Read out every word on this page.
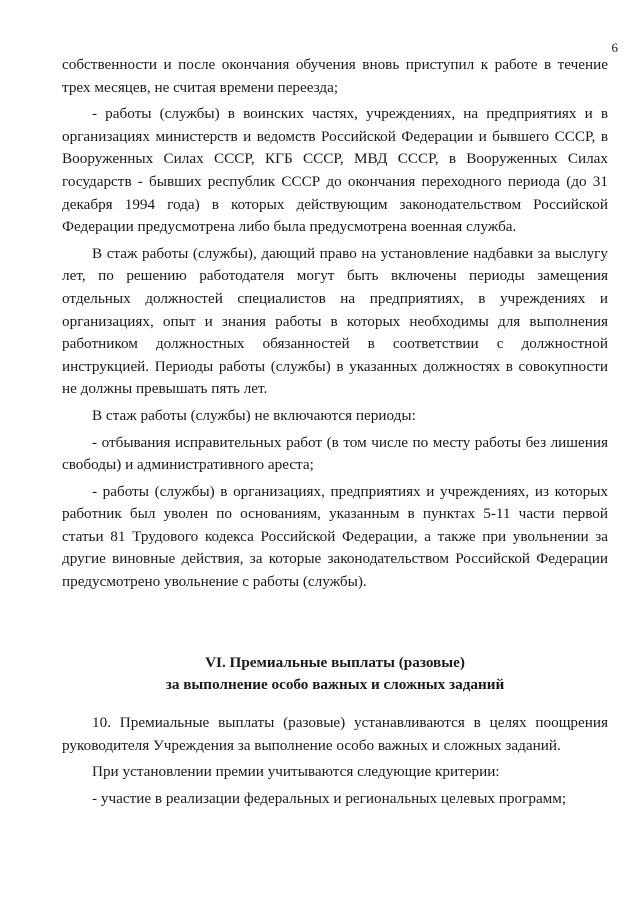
6

собственности и после окончания обучения вновь приступил к работе в течение трех месяцев, не считая времени переезда;

- работы (службы) в воинских частях, учреждениях, на предприятиях и в организациях министерств и ведомств Российской Федерации и бывшего СССР, в Вооруженных Силах СССР, КГБ СССР, МВД СССР, в Вооруженных Силах государств - бывших республик СССР до окончания переходного периода (до 31 декабря 1994 года) в которых действующим законодательством Российской Федерации предусмотрена либо была предусмотрена военная служба.

В стаж работы (службы), дающий право на установление надбавки за выслугу лет, по решению работодателя могут быть включены периоды замещения отдельных должностей специалистов на предприятиях, в учреждениях и организациях, опыт и знания работы в которых необходимы для выполнения работником должностных обязанностей в соответствии с должностной инструкцией. Периоды работы (службы) в указанных должностях в совокупности не должны превышать пять лет.

В стаж работы (службы) не включаются периоды:

- отбывания исправительных работ (в том числе по месту работы без лишения свободы) и административного ареста;

- работы (службы) в организациях, предприятиях и учреждениях, из которых работник был уволен по основаниям, указанным в пунктах 5-11 части первой статьи 81 Трудового кодекса Российской Федерации, а также при увольнении за другие виновные действия, за которые законодательством Российской Федерации предусмотрено увольнение с работы (службы).

VI. Премиальные выплаты (разовые)
за выполнение особо важных и сложных заданий

10. Премиальные выплаты (разовые) устанавливаются в целях поощрения руководителя Учреждения за выполнение особо важных и сложных заданий.

При установлении премии учитываются следующие критерии:

- участие в реализации федеральных и региональных целевых программ;
